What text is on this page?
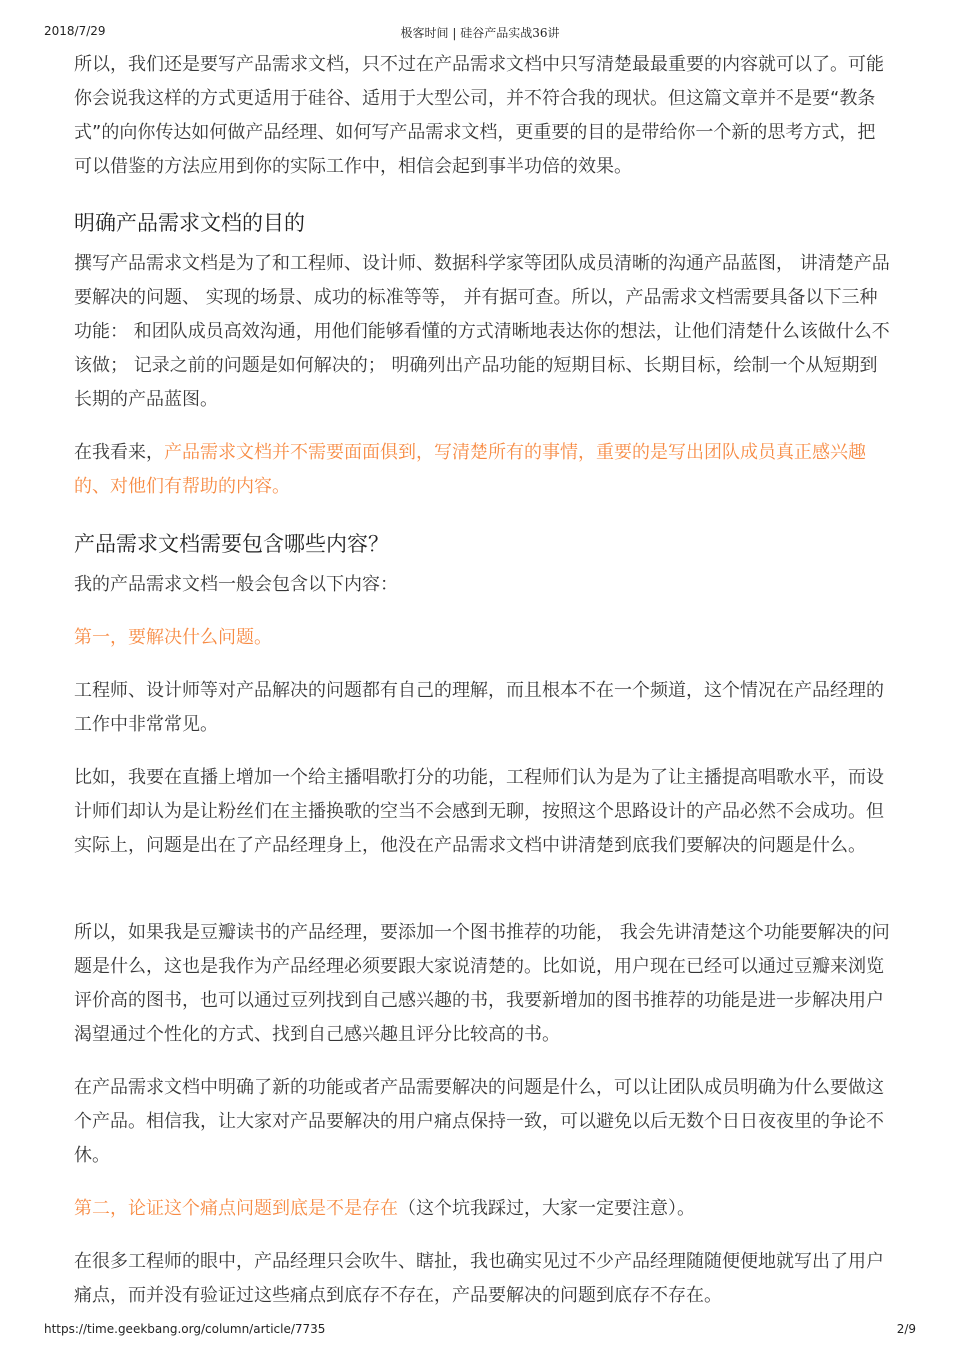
2018/7/29	极客时间 | 硅谷产品实战36讲

所以，我们还是要写产品需求文档，只不过在产品需求文档中只写清楚最最重要的内容就可以了。可能你会说我这样的方式更适用于硅谷、适用于大型公司，并不符合我的现状。但这篇文章并不是要“教条式”的向你传达如何做产品经理、如何写产品需求文档，更重要的目的是带给你一个新的思考方式，把可以借鉴的方法应用到你的实际工作中，相信会起到事半功倍的效果。

明确产品需求文档的目的

撰写产品需求文档是为了和工程师、设计师、数据科学家等团队成员清晰的沟通产品蓝图， 讲清楚产品要解决的问题、 实现的场景、成功的标准等等， 并有据可查。所以，产品需求文档需要具备以下三种功能： 和团队成员高效沟通，用他们能够看懂的方式清晰地表达你的想法，让他们清楚什么该做什么不该做； 记录之前的问题是如何解决的； 明确列出产品功能的短期目标、长期目标，绘制一个从短期到长期的产品蓝图。

在我看来，产品需求文档并不需要面面俱到，写清楚所有的事情，重要的是写出团队成员真正感兴趣的、对他们有帮助的内容。

产品需求文档需要包含哪些内容？

我的产品需求文档一般会包含以下内容：

第一，要解决什么问题。

工程师、设计师等对产品解决的问题都有自己的理解，而且根本不在一个频道，这个情况在产品经理的工作中非常常见。

比如，我要在直播上增加一个给主播唱歌打分的功能，工程师们认为是为了让主播提高唱歌水平，而设计师们却认为是让粉丝们在主播换歌的空当不会感到无聊，按照这个思路设计的产品必然不会成功。但实际上，问题是出在了产品经理身上，他没在产品需求文档中讲清楚到底我们要解决的问题是什么。

所以，如果我是豆瓣读书的产品经理，要添加一个图书推荐的功能， 我会先讲清楚这个功能要解决的问题是什么，这也是我作为产品经理必须要跟大家说清楚的。比如说，用户现在已经可以通过豆瓣来浏览评价高的图书，也可以通过豆列找到自己感兴趣的书，我要新增加的图书推荐的功能是进一步解决用户渴望通过个性化的方式、找到自己感兴趣且评分比较高的书。

在产品需求文档中明确了新的功能或者产品需要解决的问题是什么，可以让团队成员明确为什么要做这个产品。相信我，让大家对产品要解决的用户痛点保持一致，可以避免以后无数个日日夜夜里的争论不休。

第二，论证这个痛点问题到底是不是存在（这个坑我踩过，大家一定要注意）。

在很多工程师的眼中，产品经理只会吹牛、瞎扯，我也确实见过不少产品经理随随便便地就写出了用户痛点，而并没有验证过这些痛点到底存不存在，产品要解决的问题到底存不存在。

https://time.geekbang.org/column/article/7735	2/9
